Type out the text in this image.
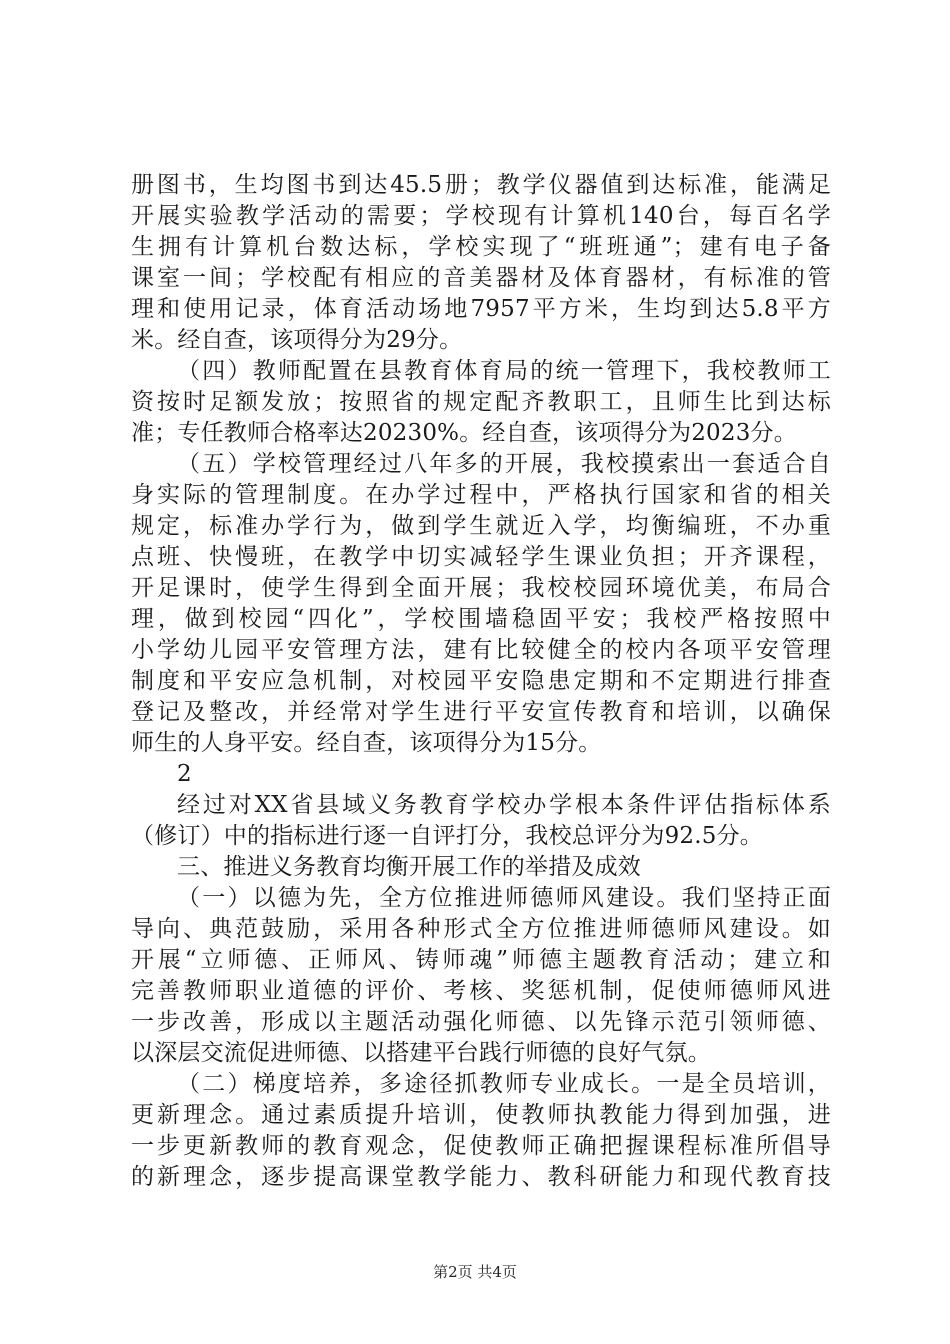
册图书，生均图书到达45.5册；教学仪器值到达标准，能满足
开展实验教学活动的需要；学校现有计算机140台，每百名学
生拥有计算机台数达标，学校实现了“班班通”；建有电子备
课室一间；学校配有相应的音美器材及体育器材，有标准的管
理和使用记录，体育活动场地7957平方米，生均到达5.8平方
米。经自查，该项得分为29分。
（四）教师配置在县教育体育局的统一管理下，我校教师工
资按时足额发放；按照省的规定配齐教职工，且师生比到达标
准；专任教师合格率达20230%。经自查，该项得分为2023分。
（五）学校管理经过八年多的开展，我校摸索出一套适合自
身实际的管理制度。在办学过程中，严格执行国家和省的相关
规定，标准办学行为，做到学生就近入学，均衡编班，不办重
点班、快慢班，在教学中切实减轻学生课业负担；开齐课程，
开足课时，使学生得到全面开展；我校校园环境优美，布局合
理，做到校园“四化”，学校围墙稳固平安；我校严格按照中
小学幼儿园平安管理方法，建有比较健全的校内各项平安管理
制度和平安应急机制，对校园平安隐患定期和不定期进行排查
登记及整改，并经常对学生进行平安宣传教育和培训，以确保
师生的人身平安。经自查，该项得分为15分。
2
经过对XX省县域义务教育学校办学根本条件评估指标体系
（修订）中的指标进行逐一自评打分，我校总评分为92.5分。
三、推进义务教育均衡开展工作的举措及成效
（一）以德为先，全方位推进师德师风建设。我们坚持正面
导向、典范鼓励，采用各种形式全方位推进师德师风建设。如
开展“立师德、正师风、铸师魂”师德主题教育活动；建立和
完善教师职业道德的评价、考核、奖惩机制，促使师德师风进
一步改善，形成以主题活动强化师德、以先锋示范引领师德、
以深层交流促进师德、以搭建平台践行师德的良好气氛。
（二）梯度培养，多途径抓教师专业成长。一是全员培训，
更新理念。通过素质提升培训，使教师执教能力得到加强，进
一步更新教师的教育观念，促使教师正确把握课程标准所倡导
的新理念，逐步提高课堂教学能力、教科研能力和现代教育技
第2页 共4页
